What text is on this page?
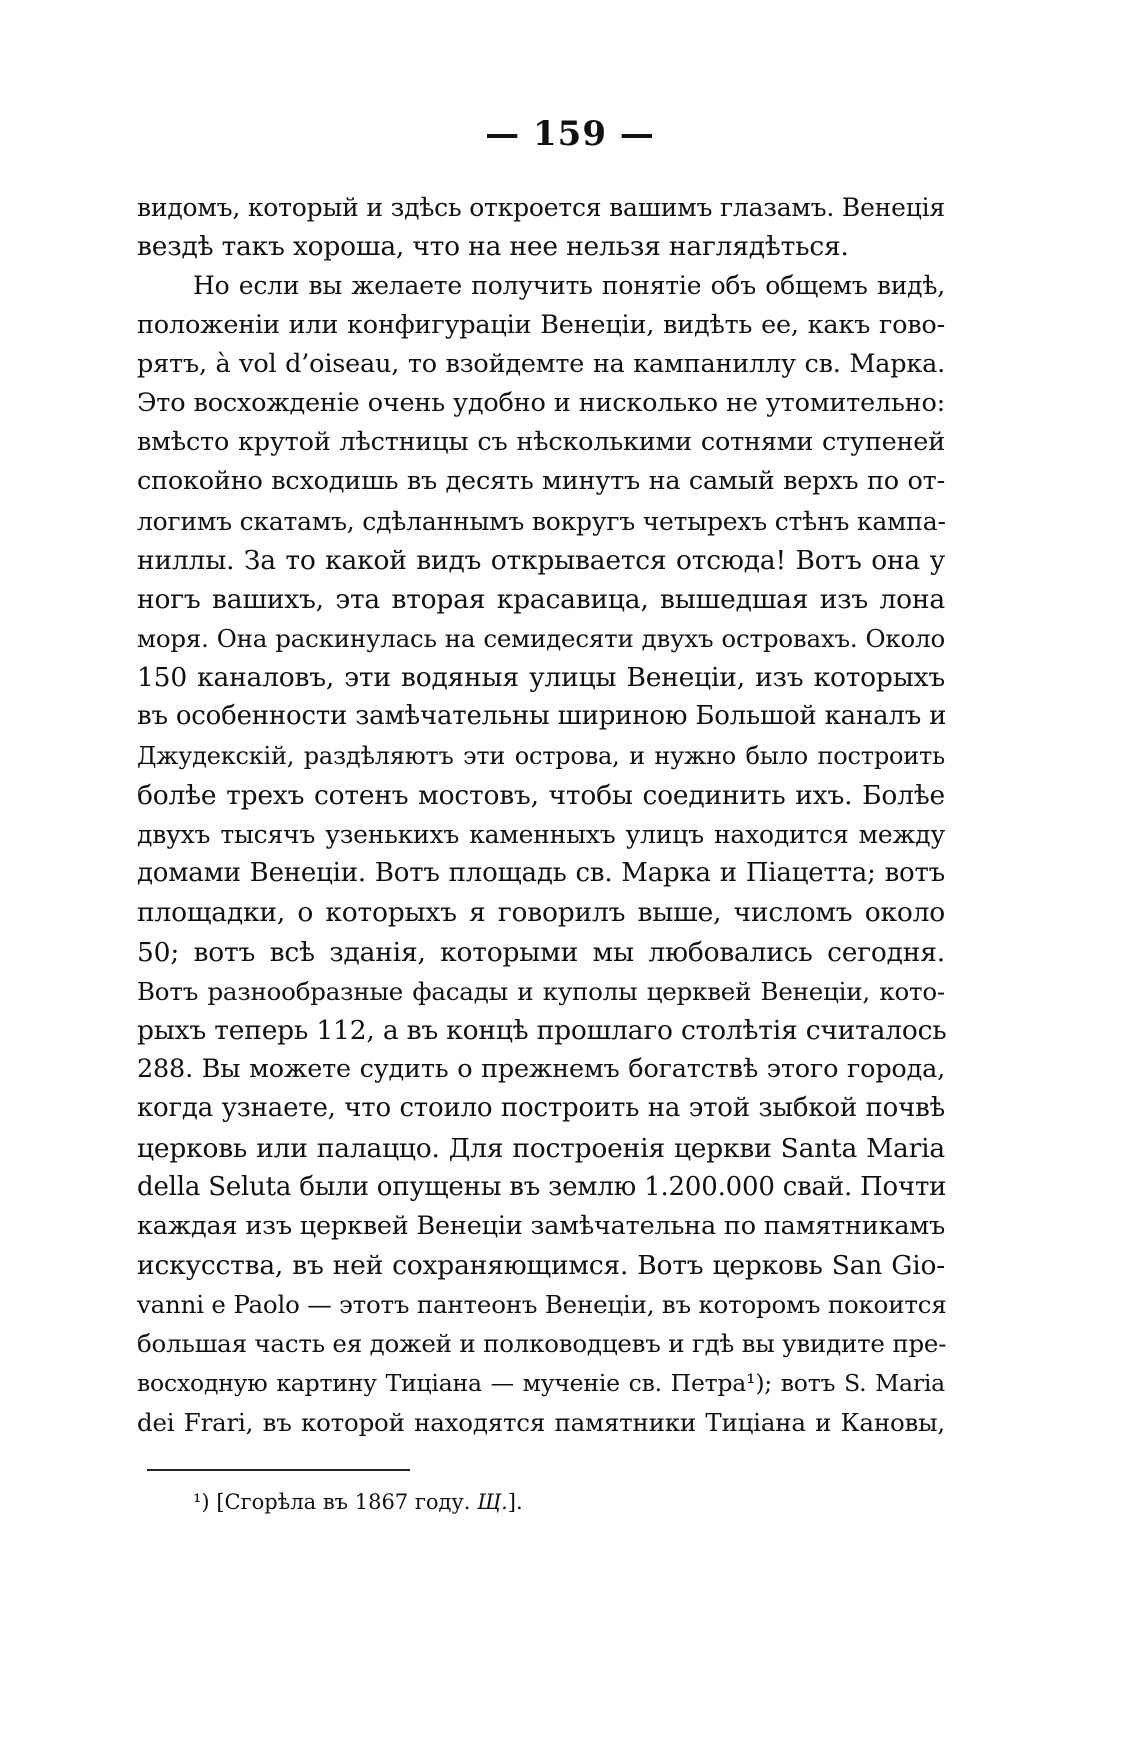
— 159 —
видомъ, который и здѣсь откроется вашимъ глазамъ. Венеція
вездѣ такъ хороша, что на нее нельзя наглядѣться.
Но если вы желаете получить понятіе объ общемъ видѣ,
положеніи или конфигураціи Венеціи, видѣть ее, какъ гово-
рятъ, à vol d’oiseau, то взойдемте на кампаниллу св. Марка.
Это восхожденіе очень удобно и нисколько не утомительно:
вмѣсто крутой лѣстницы съ нѣсколькими сотнями ступеней
спокойно всходишь въ десять минутъ на самый верхъ по от-
логимъ скатамъ, сдѣланнымъ вокругъ четырехъ стѣнъ кампа-
ниллы. За то какой видъ открывается отсюда! Вотъ она у
ногъ вашихъ, эта вторая красавица, вышедшая изъ лона
моря. Она раскинулась на семидесяти двухъ островахъ. Около
150 каналовъ, эти водяныя улицы Венеціи, изъ которыхъ
въ особенности замѣчательны шириною Большой каналъ и
Джудекскій, раздѣляютъ эти острова, и нужно было построить
болѣе трехъ сотенъ мостовъ, чтобы соединить ихъ. Болѣе
двухъ тысячъ узенькихъ каменныхъ улицъ находится между
домами Венеціи. Вотъ площадь св. Марка и Піацетта; вотъ
площадки, о которыхъ я говорилъ выше, числомъ около
50; вотъ всѣ зданія, которыми мы любовались сегодня.
Вотъ разнообразные фасады и куполы церквей Венеціи, кото-
рыхъ теперь 112, а въ концѣ прошлаго столѣтія считалось
288. Вы можете судить о прежнемъ богатствѣ этого города,
когда узнаете, что стоило построить на этой зыбкой почвѣ
церковь или палаццо. Для построенія церкви Santa Maria
della Seluta были опущены въ землю 1.200.000 свай. Почти
каждая изъ церквей Венеціи замѣчательна по памятникамъ
искусства, въ ней сохраняющимся. Вотъ церковь San Gio-
vanni e Paolo — этотъ пантеонъ Венеціи, въ которомъ покоится
большая часть ея дожей и полководцевъ и гдѣ вы увидите пре-
восходную картину Тиціана — мученіе св. Петра¹); вотъ S. Maria
dei Frari, въ которой находятся памятники Тиціана и Кановы,
¹) [Сгорѣла въ 1867 году. Щ.].
